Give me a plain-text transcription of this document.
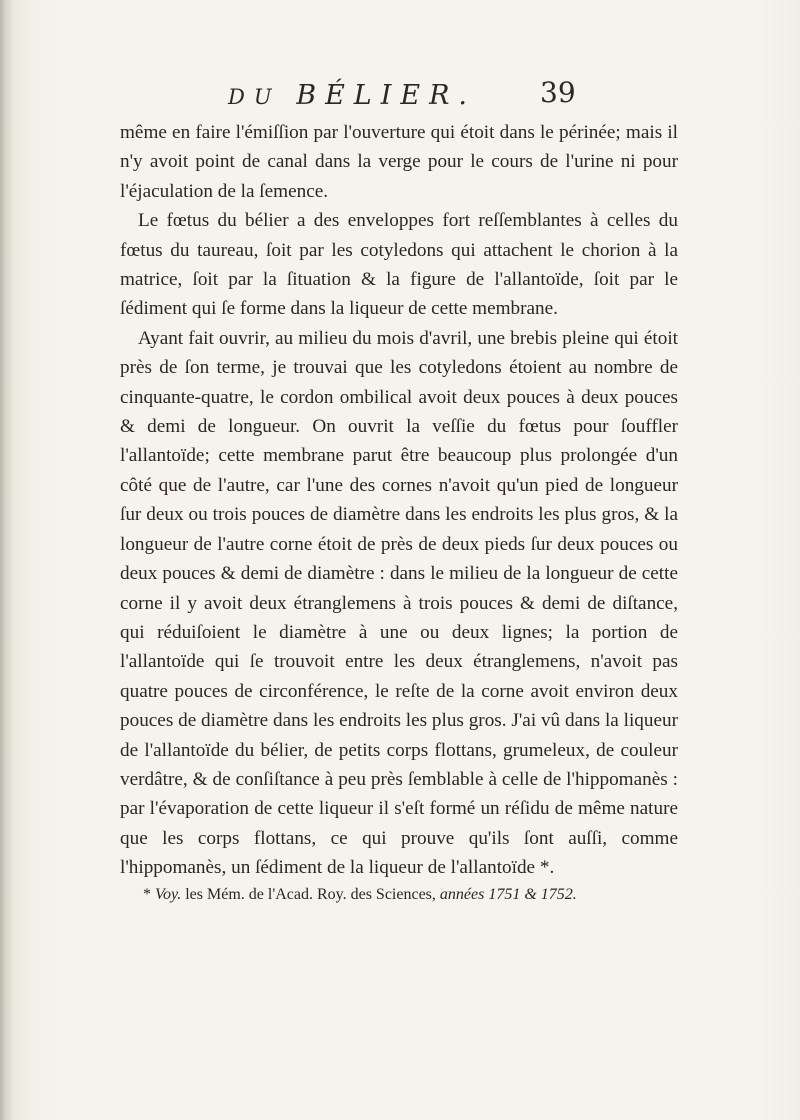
DU BÉLIER. 39

même en faire l'émiſſion par l'ouverture qui étoit dans le périnée; mais il n'y avoit point de canal dans la verge pour le cours de l'urine ni pour l'éjaculation de la ſemence.

Le fœtus du bélier a des enveloppes fort reſſemblantes à celles du fœtus du taureau, ſoit par les cotyledons qui attachent le chorion à la matrice, ſoit par la ſituation & la figure de l'allantoïde, ſoit par le ſédiment qui ſe forme dans la liqueur de cette membrane.

Ayant fait ouvrir, au milieu du mois d'avril, une brebis pleine qui étoit près de ſon terme, je trouvai que les cotyledons étoient au nombre de cinquante-quatre, le cordon ombilical avoit deux pouces à deux pouces & demi de longueur. On ouvrit la veſſie du fœtus pour ſouffler l'allantoïde; cette membrane parut être beaucoup plus prolongée d'un côté que de l'autre, car l'une des cornes n'avoit qu'un pied de longueur ſur deux ou trois pouces de diamètre dans les endroits les plus gros, & la longueur de l'autre corne étoit de près de deux pieds ſur deux pouces ou deux pouces & demi de diamètre : dans le milieu de la longueur de cette corne il y avoit deux étranglemens à trois pouces & demi de diſtance, qui réduiſoient le diamètre à une ou deux lignes; la portion de l'allantoïde qui ſe trouvoit entre les deux étranglemens, n'avoit pas quatre pouces de circonférence, le reſte de la corne avoit environ deux pouces de diamètre dans les endroits les plus gros. J'ai vû dans la liqueur de l'allantoïde du bélier, de petits corps flottans, grumeleux, de couleur verdâtre, & de conſiſtance à peu près ſemblable à celle de l'hippomanès : par l'évaporation de cette liqueur il s'eſt formé un réſidu de même nature que les corps flottans, ce qui prouve qu'ils ſont auſſi, comme l'hippomanès, un ſédiment de la liqueur de l'allantoïde *.

* Voy. les Mém. de l'Acad. Roy. des Sciences, années 1751 & 1752.
